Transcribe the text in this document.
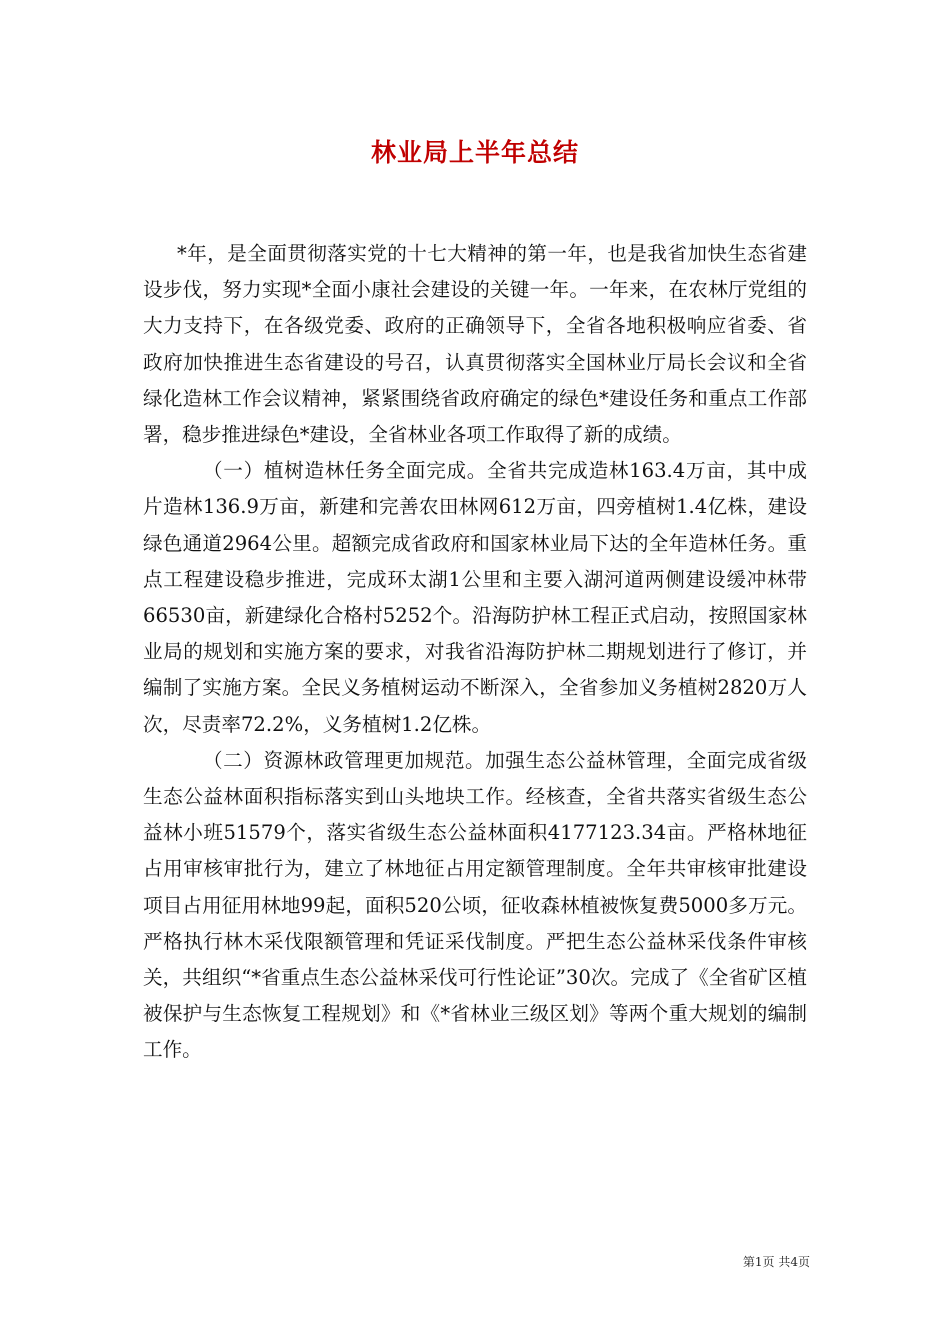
林业局上半年总结

*年，是全面贯彻落实党的十七大精神的第一年，也是我省加快生态省建设步伐，努力实现*全面小康社会建设的关键一年。一年来，在农林厅党组的大力支持下，在各级党委、政府的正确领导下，全省各地积极响应省委、省政府加快推进生态省建设的号召，认真贯彻落实全国林业厅局长会议和全省绿化造林工作会议精神，紧紧围绕省政府确定的绿色*建设任务和重点工作部署，稳步推进绿色*建设，全省林业各项工作取得了新的成绩。

（一）植树造林任务全面完成。全省共完成造林163.4万亩，其中成片造林136.9万亩，新建和完善农田林网612万亩，四旁植树1.4亿株，建设绿色通道2964公里。超额完成省政府和国家林业局下达的全年造林任务。重点工程建设稳步推进，完成环太湖1公里和主要入湖河道两侧建设缓冲林带66530亩，新建绿化合格村5252个。沿海防护林工程正式启动，按照国家林业局的规划和实施方案的要求，对我省沿海防护林二期规划进行了修订，并编制了实施方案。全民义务植树运动不断深入，全省参加义务植树2820万人次，尽责率72.2%，义务植树1.2亿株。

（二）资源林政管理更加规范。加强生态公益林管理，全面完成省级生态公益林面积指标落实到山头地块工作。经核查，全省共落实省级生态公益林小班51579个，落实省级生态公益林面积4177123.34亩。严格林地征占用审核审批行为，建立了林地征占用定额管理制度。全年共审核审批建设项目占用征用林地99起，面积520公顷，征收森林植被恢复费5000多万元。严格执行林木采伐限额管理和凭证采伐制度。严把生态公益林采伐条件审核关，共组织“*省重点生态公益林采伐可行性论证”30次。完成了《全省矿区植被保护与生态恢复工程规划》和《*省林业三级区划》等两个重大规划的编制工作。

第1页 共4页
